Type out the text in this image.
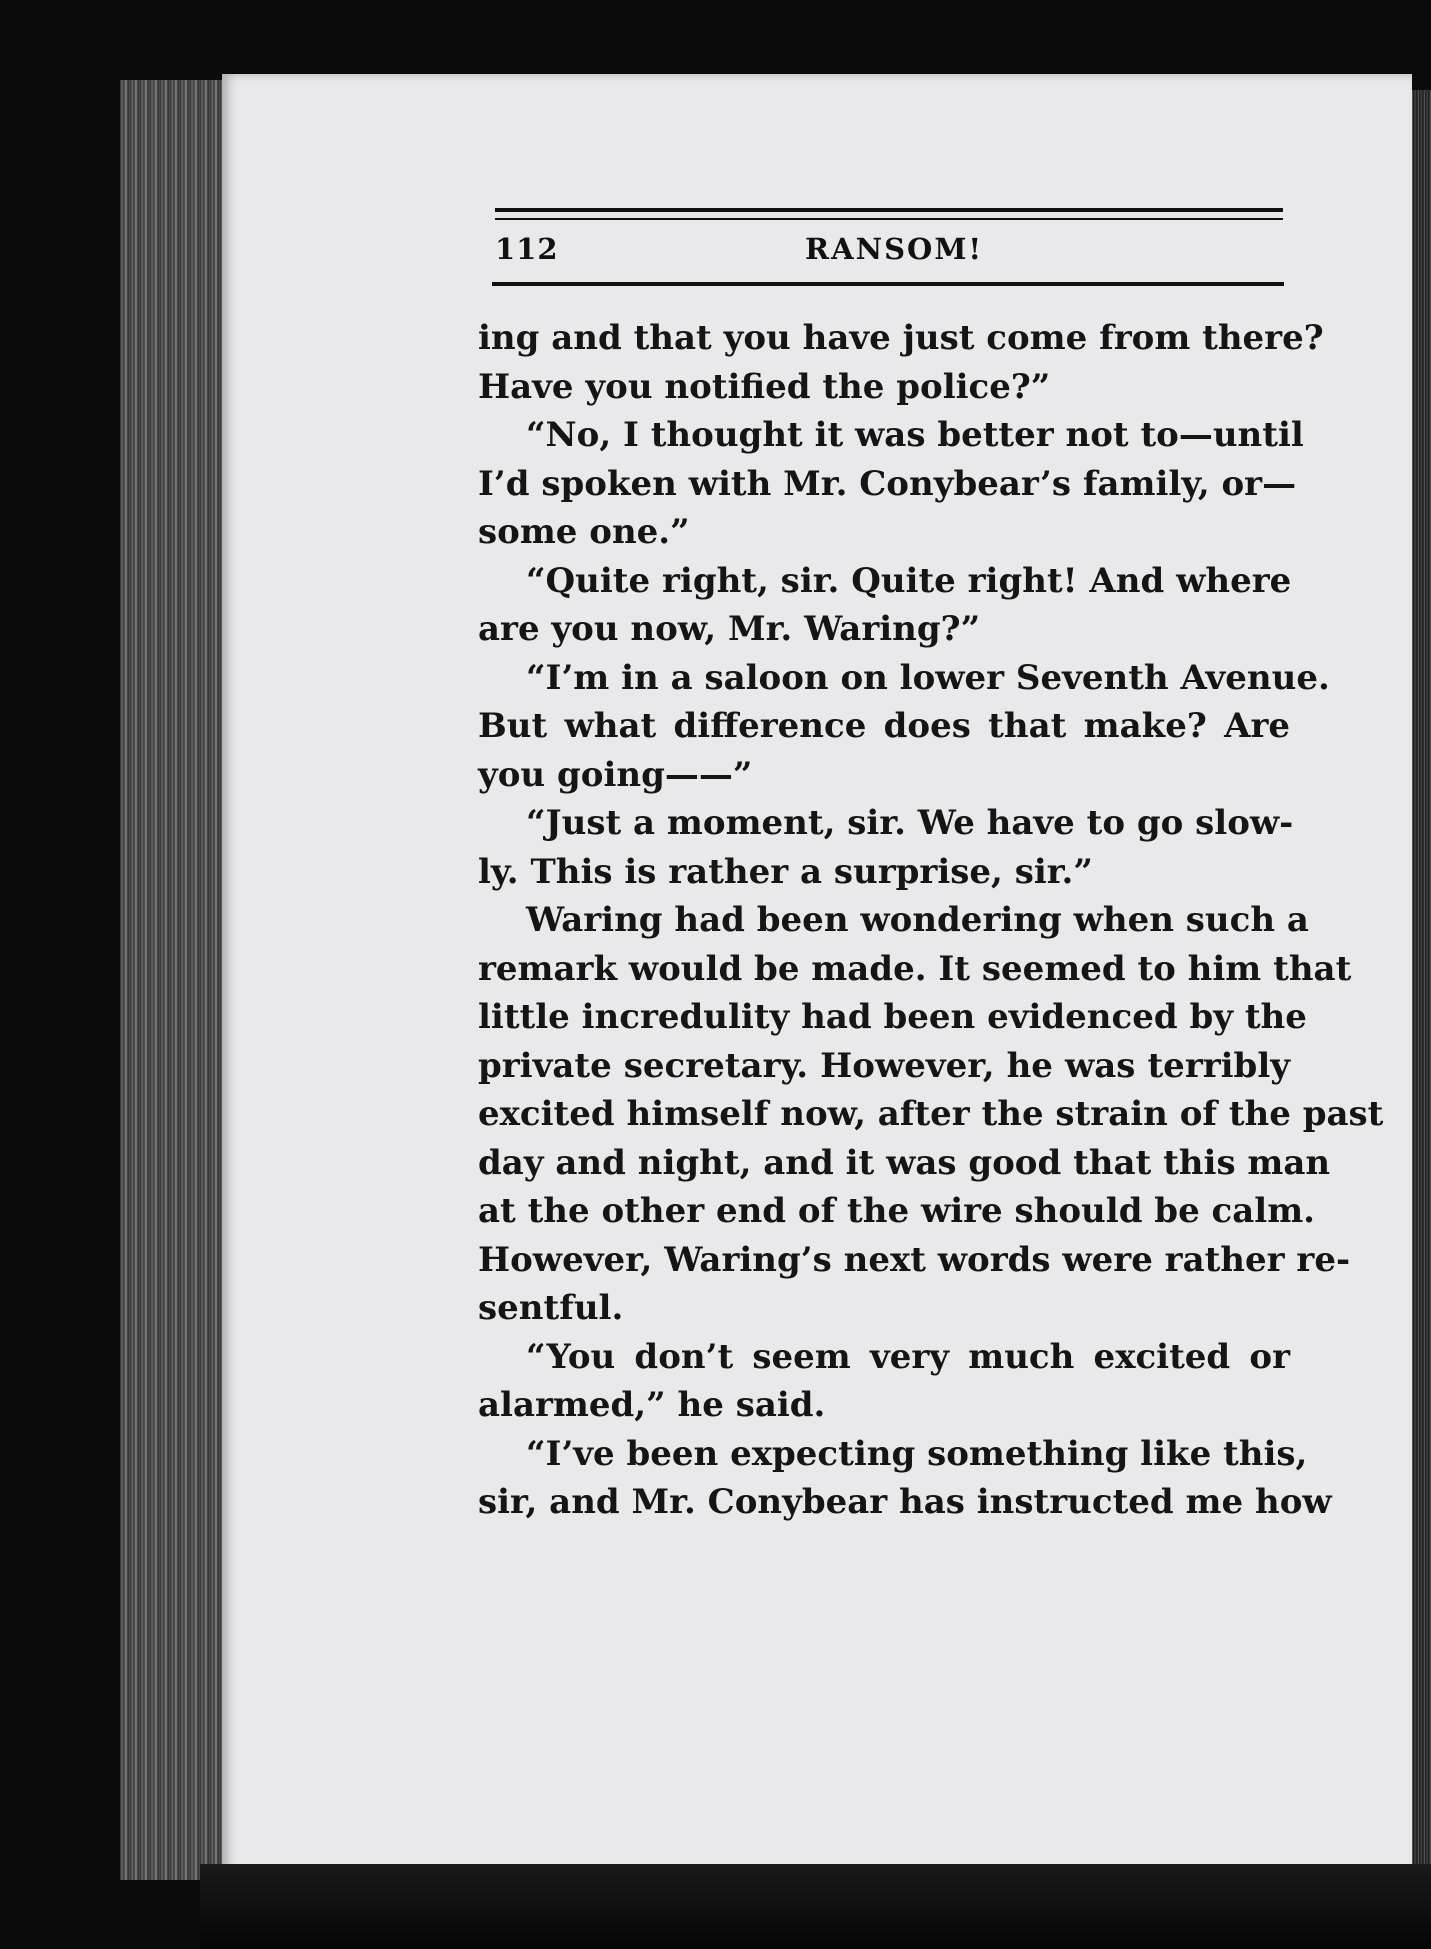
112	RANSOM!
ing and that you have just come from there?
Have you notified the police?”
“No, I thought it was better not to—until
I’d spoken with Mr. Conybear’s family, or—
some one.”
“Quite right, sir. Quite right! And where
are you now, Mr. Waring?”
“I’m in a saloon on lower Seventh Avenue.
But what difference does that make? Are
you going——”
“Just a moment, sir. We have to go slow-
ly. This is rather a surprise, sir.”
Waring had been wondering when such a
remark would be made. It seemed to him that
little incredulity had been evidenced by the
private secretary. However, he was terribly
excited himself now, after the strain of the past
day and night, and it was good that this man
at the other end of the wire should be calm.
However, Waring’s next words were rather re-
sentful.
“You don’t seem very much excited or
alarmed,” he said.
“I’ve been expecting something like this,
sir, and Mr. Conybear has instructed me how
